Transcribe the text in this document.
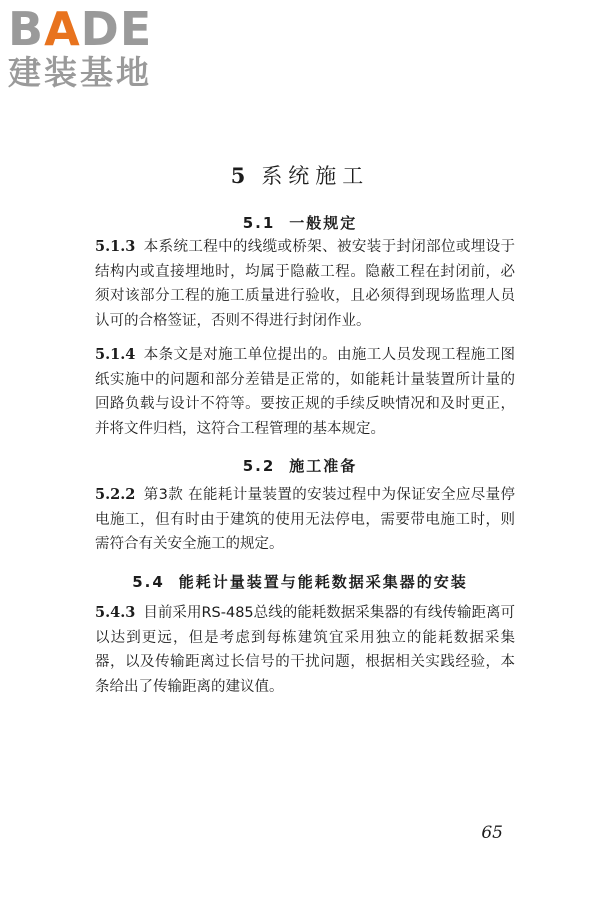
BADE
建装基地
5 系统施工
5.1 一般规定
5.1.3 本系统工程中的线缆或桥架、被安装于封闭部位或埋设于结构内或直接埋地时，均属于隐蔽工程。隐蔽工程在封闭前，必须对该部分工程的施工质量进行验收，且必须得到现场监理人员认可的合格签证，否则不得进行封闭作业。
5.1.4 本条文是对施工单位提出的。由施工人员发现工程施工图纸实施中的问题和部分差错是正常的，如能耗计量装置所计量的回路负载与设计不符等。要按正规的手续反映情况和及时更正，并将文件归档，这符合工程管理的基本规定。
5.2 施工准备
5.2.2 第3款 在能耗计量装置的安装过程中为保证安全应尽量停电施工，但有时由于建筑的使用无法停电，需要带电施工时，则需符合有关安全施工的规定。
5.4 能耗计量装置与能耗数据采集器的安装
5.4.3 目前采用RS-485总线的能耗数据采集器的有线传输距离可以达到更远，但是考虑到每栋建筑宜采用独立的能耗数据采集器，以及传输距离过长信号的干扰问题，根据相关实践经验，本条给出了传输距离的建议值。
65
